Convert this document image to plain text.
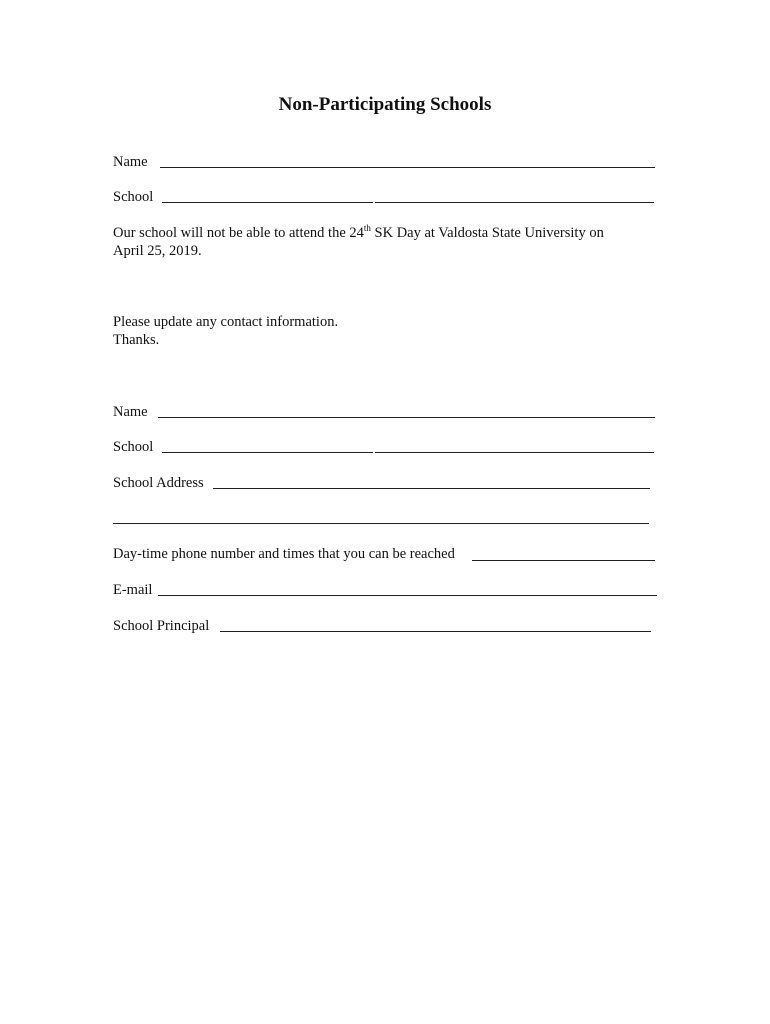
Non-Participating Schools
Name
School
Our school will not be able to attend the 24th SK Day at Valdosta State University on
April 25, 2019.
Please update any contact information.
Thanks.
Name
School
School Address
Day-time phone number and times that you can be reached
E-mail
School Principal
